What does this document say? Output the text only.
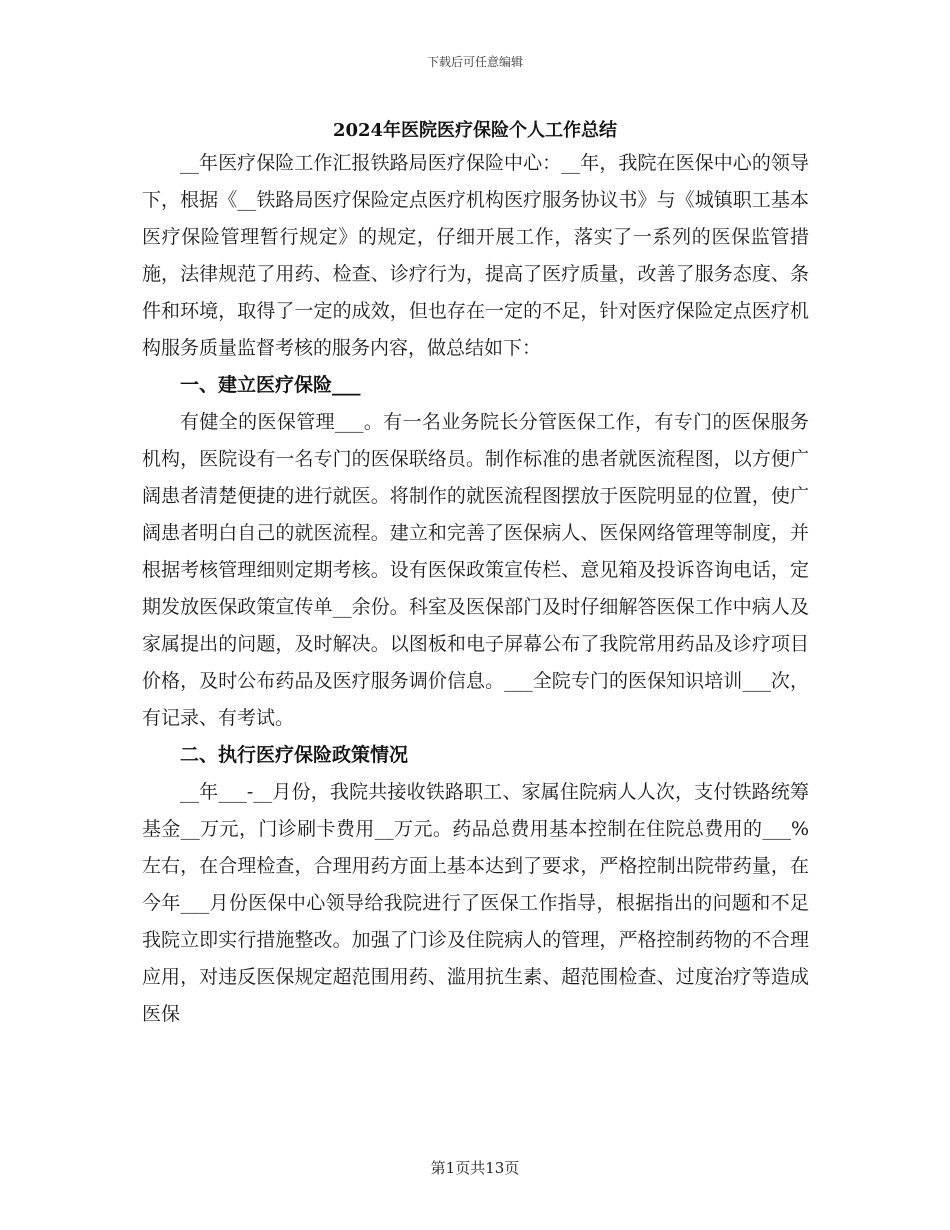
下载后可任意编辑
2024年医院医疗保险个人工作总结

__年医疗保险工作汇报铁路局医疗保险中心：__年，我院在医保中心的领导下，根据《__铁路局医疗保险定点医疗机构医疗服务协议书》与《城镇职工基本医疗保险管理暂行规定》的规定，仔细开展工作，落实了一系列的医保监管措施，法律规范了用药、检查、诊疗行为，提高了医疗质量，改善了服务态度、条件和环境，取得了一定的成效，但也存在一定的不足，针对医疗保险定点医疗机构服务质量监督考核的服务内容，做总结如下：

一、建立医疗保险___

有健全的医保管理___。有一名业务院长分管医保工作，有专门的医保服务机构，医院设有一名专门的医保联络员。制作标准的患者就医流程图，以方便广阔患者清楚便捷的进行就医。将制作的就医流程图摆放于医院明显的位置，使广阔患者明白自己的就医流程。建立和完善了医保病人、医保网络管理等制度，并根据考核管理细则定期考核。设有医保政策宣传栏、意见箱及投诉咨询电话，定期发放医保政策宣传单__余份。科室及医保部门及时仔细解答医保工作中病人及家属提出的问题，及时解决。以图板和电子屏幕公布了我院常用药品及诊疗项目价格，及时公布药品及医疗服务调价信息。___全院专门的医保知识培训___次，有记录、有考试。

二、执行医疗保险政策情况

__年___-__月份，我院共接收铁路职工、家属住院病人人次，支付铁路统筹基金__万元，门诊刷卡费用__万元。药品总费用基本控制在住院总费用的___%左右，在合理检查，合理用药方面上基本达到了要求，严格控制出院带药量，在今年___月份医保中心领导给我院进行了医保工作指导，根据指出的问题和不足我院立即实行措施整改。加强了门诊及住院病人的管理，严格控制药物的不合理应用，对违反医保规定超范围用药、滥用抗生素、超范围检查、过度治疗等造成医保

第1页共13页
